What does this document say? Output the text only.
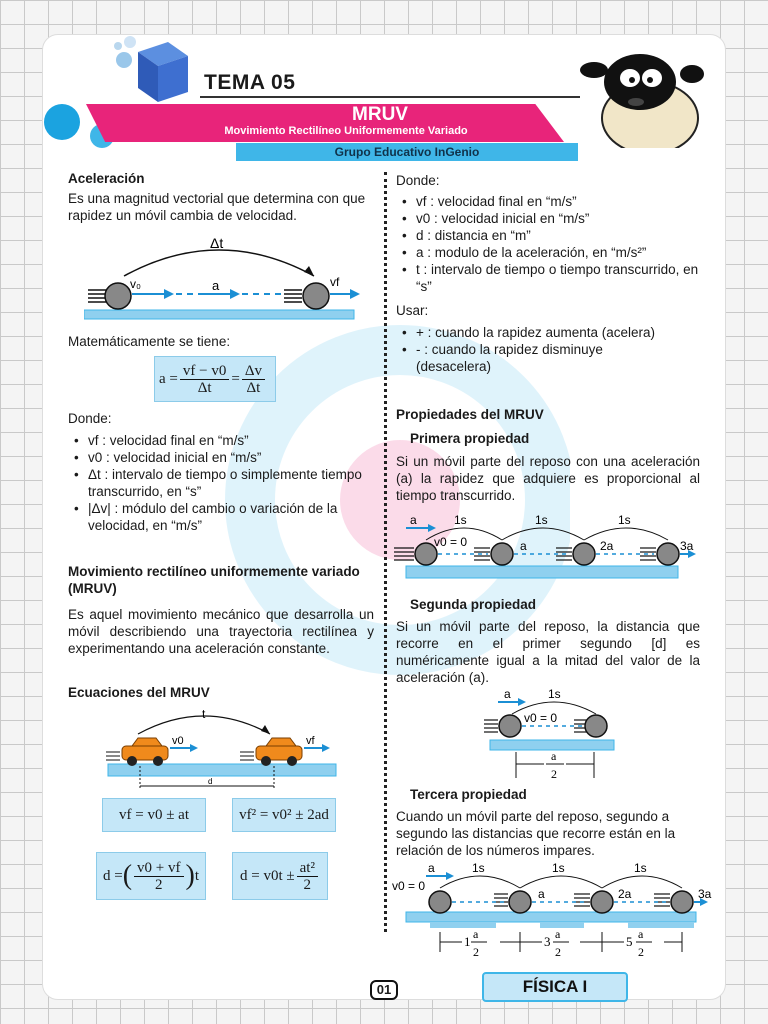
TEMA 05
MRUV
Movimiento Rectilíneo Uniformemente Variado
Grupo Educativo InGenio
Aceleración
Es una magnitud vectorial que determina con que rapidez un móvil cambia de velocidad.
Δt
v₀	a	vf
Matemáticamente se tiene:
$a = \frac{vf - v0}{\Delta t} = \frac{\Delta v}{\Delta t}$
Donde:
• vf : velocidad final en “m/s”
• v0 : velocidad inicial en “m/s”
• Δt : intervalo de tiempo o simplemente tiempo transcurrido, en “s”
• |Δv| : módulo del cambio o variación de la velocidad, en “m/s”
Movimiento rectilíneo uniformemente variado (MRUV)
Es aquel movimiento mecánico que desarrolla un móvil describiendo una trayectoria rectilínea y experimentando una aceleración constante.
Ecuaciones del MRUV
t
v0	vf
d
vf = v0 ± at	vf² = v0² ± 2ad
d = ( $\frac{v0 + vf}{2}$ ) t	$d = v0t \pm \frac{\text{at²}}{2}$
Donde:
• vf : velocidad final en “m/s”
• v0 : velocidad inicial en “m/s”
• d : distancia en “m”
• a : modulo de la aceleración, en “m/s²”
• t : intervalo de tiempo o tiempo transcurrido, en “s”
Usar:
• + : cuando la rapidez aumenta (acelera)
• - : cuando la rapidez disminuye (desacelera)
Propiedades del MRUV
Primera propiedad
Si un móvil parte del reposo con una aceleración (a) la rapidez que adquiere es proporcional al tiempo transcurrido.
a	1s	1s	1s
v0 = 0	a	2a	3a
Segunda propiedad
Si un móvil parte del reposo, la distancia que recorre en el primer segundo [d] es numéricamente igual a la mitad del valor de la aceleración (a).
a	1s
v0 = 0
a
2
Tercera propiedad
Cuando un móvil parte del reposo, segundo a segundo las distancias que recorre están en la relación de los números impares.
a	1s	1s	1s
v0 = 0
a	2a	3a
1 a
2
3 a
2
5 a
2
01	FÍSICA I
